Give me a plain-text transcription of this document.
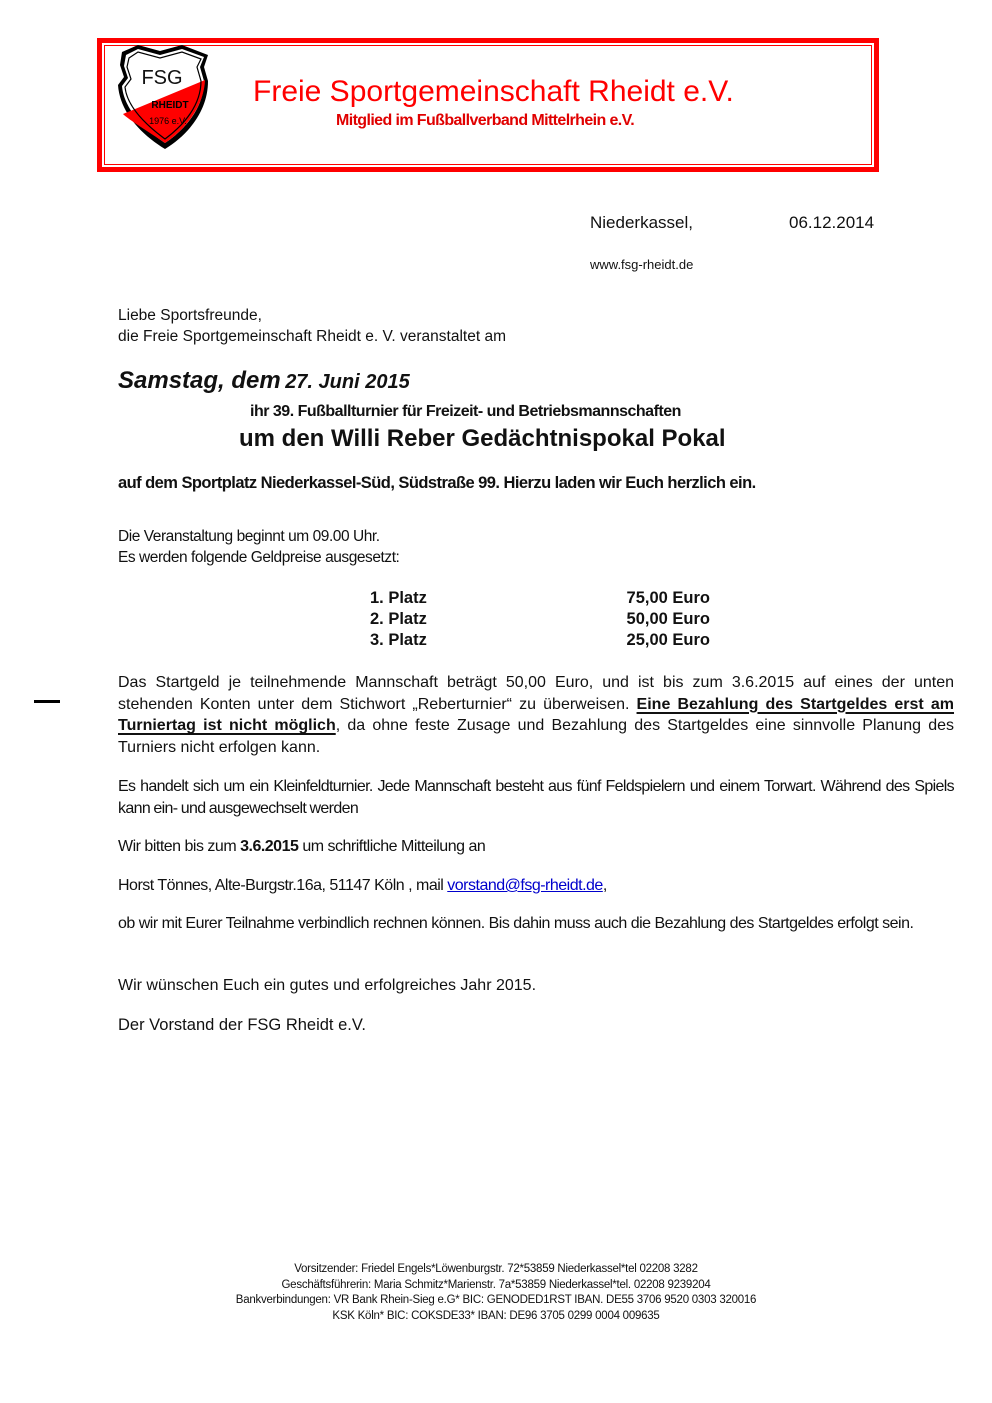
FSG
RHEIDT
1976 e.V.
Freie Sportgemeinschaft Rheidt e.V.
Mitglied im Fußballverband Mittelrhein e.V.
Niederkassel,	06.12.2014
www.fsg-rheidt.de
Liebe Sportsfreunde,
die Freie Sportgemeinschaft Rheidt e. V. veranstaltet am
Samstag, dem 27. Juni 2015
ihr 39. Fußballturnier für Freizeit- und Betriebsmannschaften
um den Willi Reber Gedächtnispokal Pokal
auf dem Sportplatz Niederkassel-Süd, Südstraße 99. Hierzu laden wir Euch herzlich ein.
Die Veranstaltung beginnt um 09.00 Uhr.
Es werden folgende Geldpreise ausgesetzt:
1. Platz	75,00 Euro
2. Platz	50,00 Euro
3. Platz	25,00 Euro
Das Startgeld je teilnehmende Mannschaft beträgt 50,00 Euro, und ist bis zum 3.6.2015 auf eines der unten stehenden Konten unter dem Stichwort „Reberturnier“ zu überweisen. Eine Bezahlung des Startgeldes erst am Turniertag ist nicht möglich, da ohne feste Zusage und Bezahlung des Startgeldes eine sinnvolle Planung des Turniers nicht erfolgen kann.
Es handelt sich um ein Kleinfeldturnier. Jede Mannschaft besteht aus fünf Feldspielern und einem Torwart. Während des Spiels kann ein- und ausgewechselt werden
Wir bitten bis zum 3.6.2015 um schriftliche Mitteilung an
Horst Tönnes, Alte-Burgstr.16a, 51147 Köln , mail vorstand@fsg-rheidt.de,
ob wir mit Eurer Teilnahme verbindlich rechnen können. Bis dahin muss auch die Bezahlung des Startgeldes erfolgt sein.
Wir wünschen Euch ein gutes und erfolgreiches Jahr 2015.
Der Vorstand der FSG Rheidt e.V.
Vorsitzender: Friedel Engels*Löwenburgstr. 72*53859 Niederkassel*tel 02208 3282
Geschäftsführerin: Maria Schmitz*Marienstr. 7a*53859 Niederkassel*tel. 02208 9239204
Bankverbindungen: VR Bank Rhein-Sieg e.G* BIC: GENODED1RST IBAN. DE55 3706 9520 0303 320016
KSK Köln* BIC: COKSDE33* IBAN: DE96 3705 0299 0004 009635
